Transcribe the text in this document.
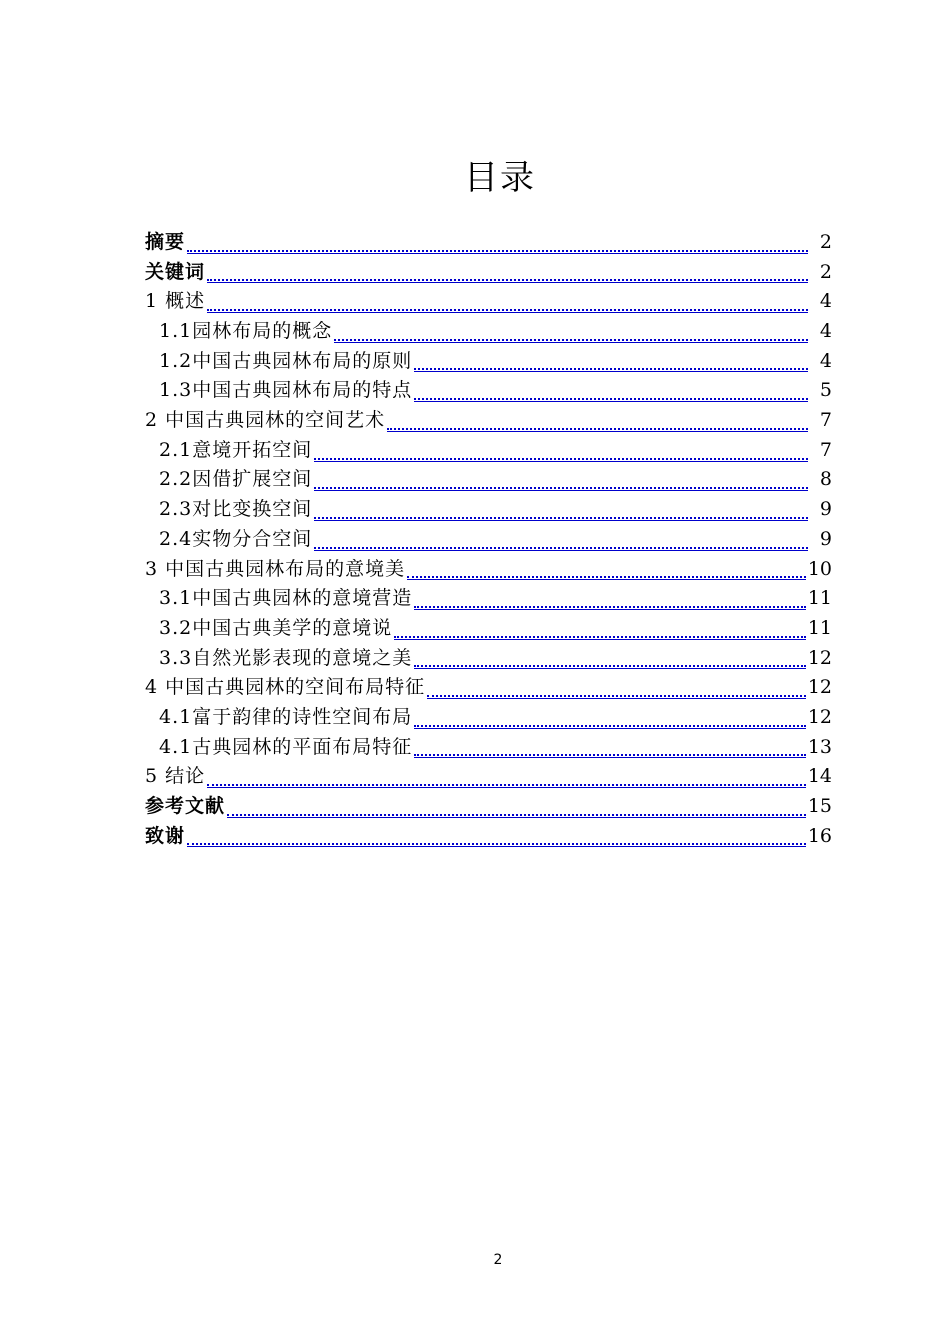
目录
摘要	2
关键词	2
1 概述	4
1.1园林布局的概念	4
1.2中国古典园林布局的原则	4
1.3中国古典园林布局的特点	5
2 中国古典园林的空间艺术	7
2.1意境开拓空间	7
2.2因借扩展空间	8
2.3对比变换空间	9
2.4实物分合空间	9
3 中国古典园林布局的意境美	10
3.1中国古典园林的意境营造	11
3.2中国古典美学的意境说	11
3.3自然光影表现的意境之美	12
4 中国古典园林的空间布局特征	12
4.1富于韵律的诗性空间布局	12
4.1古典园林的平面布局特征	13
5 结论	14
参考文献	15
致谢	16
2
